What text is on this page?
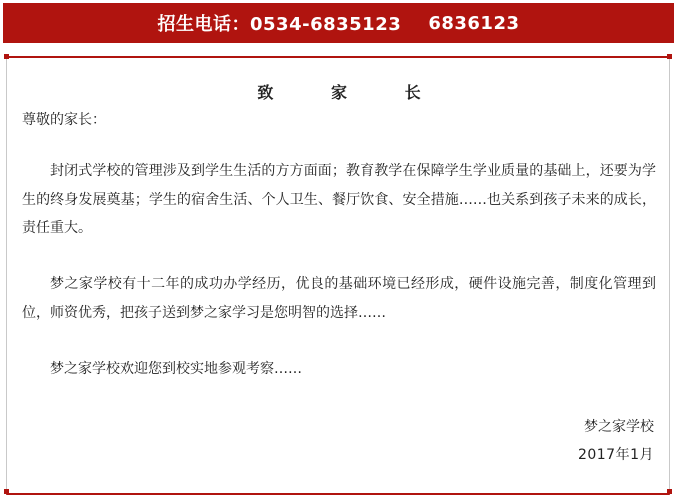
招生电话：0534-6835123
6836123
致 家 长
尊敬的家长：
封闭式学校的管理涉及到学生生活的方方面面；教育教学在保障学生学业质量的基础上，还要为学生的终身发展奠基；学生的宿舍生活、个人卫生、餐厅饮食、安全措施……也关系到孩子未来的成长，责任重大。
梦之家学校有十二年的成功办学经历，优良的基础环境已经形成，硬件设施完善，制度化管理到位，师资优秀，把孩子送到梦之家学习是您明智的选择……
梦之家学校欢迎您到校实地参观考察……
梦之家学校
2017年1月
